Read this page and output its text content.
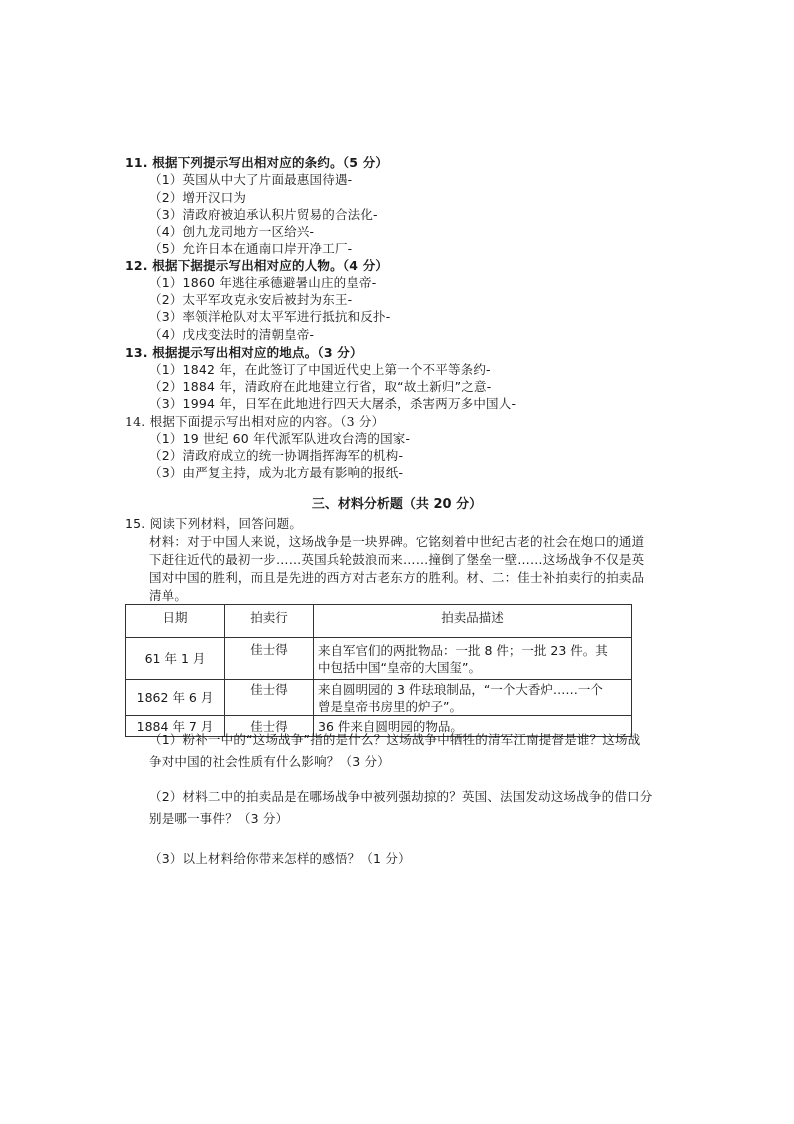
11. 根据下列提示写出相对应的条约。（5 分）
（1）英国从中大了片面最惠国待遇-
（2）增开汉口为
（3）清政府被迫承认积片贸易的合法化-
（4）创九龙司地方一区给兴-
（5）允许日本在通南口岸开净工厂-
12. 根据下据提示写出相对应的人物。（4 分）
（1）1860 年逃往承德避暑山庄的皇帝-
（2）太平军攻克永安后被封为东王-
（3）率领洋枪队对太平军进行抵抗和反扑-
（4）戊戌变法时的清朝皇帝-
13. 根据提示写出相对应的地点。（3 分）
（1）1842 年，在此签订了中国近代史上第一个不平等条约-
（2）1884 年，清政府在此地建立行省，取“故土新归”之意-
（3）1994 年，日军在此地进行四天大屠杀，杀害两万多中国人-
14. 根据下面提示写出相对应的内容。（3 分）
（1）19 世纪 60 年代派军队进攻台湾的国家-
（2）清政府成立的统一协调指挥海军的机构-
（3）由严复主持，成为北方最有影响的报纸-
三、材料分析题（共 20 分）
15. 阅读下列材料，回答问题。
材料：对于中国人来说，这场战争是一块界碑。它铭刻着中世纪古老的社会在炮口的通道
下赶往近代的最初一步……英国兵轮鼓浪而来……撞倒了堡垒一壁……这场战争不仅是英
国对中国的胜利，而且是先进的西方对古老东方的胜利。材、二：佳士补拍卖行的拍卖品
清单。
日期	拍卖行	拍卖品描述
61 年 1 月	佳士得	来自军官们的两批物品：一批 8 件；一批 23 件。其
中包括中国“皇帝的大国玺”。

1862 年 6 月	佳士得	来自圆明园的 3 件珐琅制品，“一个大香炉……一个
曾是皇帝书房里的炉子”。

1884 年 7 月	佳士得	36 件来自圆明园的物品。
（1）粉补一中的“这场战争”指的是什么？这场战争中牺牲的清军江南提督是谁？这场战
争对中国的社会性质有什么影响？（3 分）
（2）材料二中的拍卖品是在哪场战争中被列强劫掠的？英国、法国发动这场战争的借口分
别是哪一事件？（3 分）
（3）以上材料给你带来怎样的感悟？（1 分）
